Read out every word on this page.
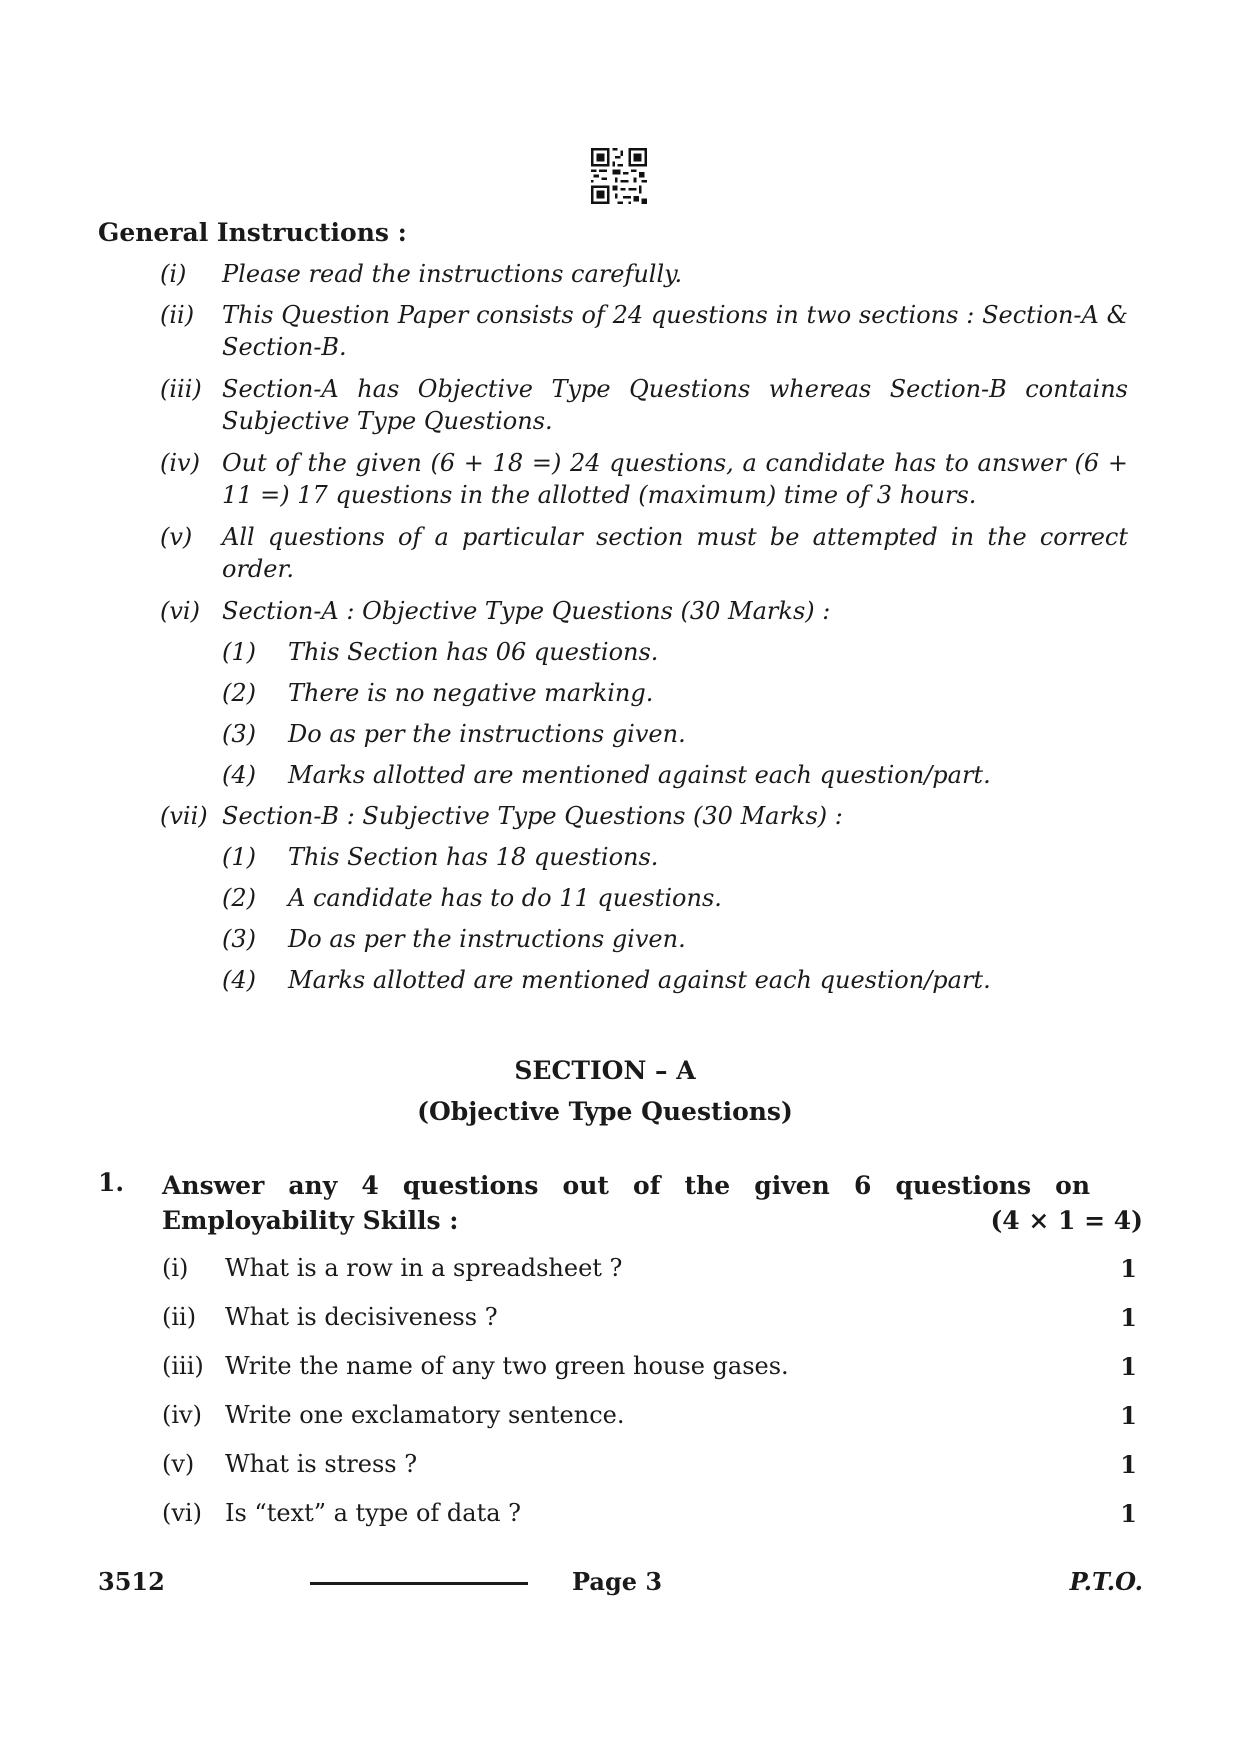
General Instructions :
(i) Please read the instructions carefully.
(ii) This Question Paper consists of 24 questions in two sections : Section-A & Section-B.
(iii) Section-A has Objective Type Questions whereas Section-B contains Subjective Type Questions.
(iv) Out of the given (6 + 18 =) 24 questions, a candidate has to answer (6 + 11 =) 17 questions in the allotted (maximum) time of 3 hours.
(v) All questions of a particular section must be attempted in the correct order.
(vi) Section-A : Objective Type Questions (30 Marks) :
(1) This Section has 06 questions.
(2) There is no negative marking.
(3) Do as per the instructions given.
(4) Marks allotted are mentioned against each question/part.
(vii) Section-B : Subjective Type Questions (30 Marks) :
(1) This Section has 18 questions.
(2) A candidate has to do 11 questions.
(3) Do as per the instructions given.
(4) Marks allotted are mentioned against each question/part.
SECTION – A
(Objective Type Questions)
1. Answer any 4 questions out of the given 6 questions on
Employability Skills :	(4 × 1 = 4)
(i) What is a row in a spreadsheet ?	1
(ii) What is decisiveness ?	1
(iii) Write the name of any two green house gases.	1
(iv) Write one exclamatory sentence.	1
(v) What is stress ?	1
(vi) Is “text” a type of data ?	1
3512	Page 3	P.T.O.
